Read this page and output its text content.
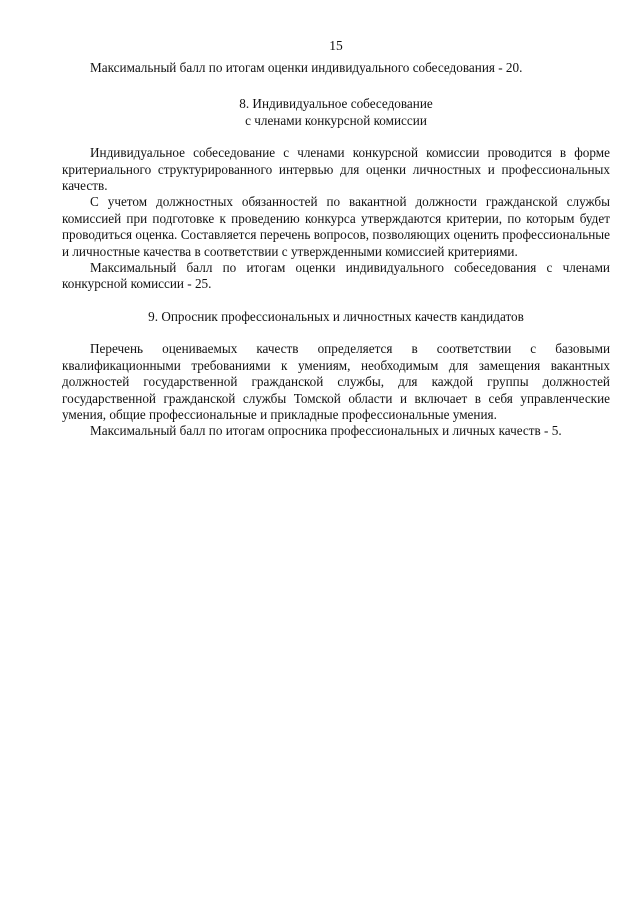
15

Максимальный балл по итогам оценки индивидуального собеседования - 20.

8. Индивидуальное собеседование

с членами конкурсной комиссии

Индивидуальное собеседование с членами конкурсной комиссии проводится в форме критериального структурированного интервью для оценки личностных и профессиональных качеств.

С учетом должностных обязанностей по вакантной должности гражданской службы комиссией при подготовке к проведению конкурса утверждаются критерии, по которым будет проводиться оценка. Составляется перечень вопросов, позволяющих оценить профессиональные и личностные качества в соответствии с утвержденными комиссией критериями.

Максимальный балл по итогам оценки индивидуального собеседования с членами конкурсной комиссии - 25.

9. Опросник профессиональных и личностных качеств кандидатов

Перечень оцениваемых качеств определяется в соответствии с базовыми квалификационными требованиями к умениям, необходимым для замещения вакантных должностей государственной гражданской службы, для каждой группы должностей государственной гражданской службы Томской области и включает в себя управленческие умения, общие профессиональные и прикладные профессиональные умения.

Максимальный балл по итогам опросника профессиональных и личных качеств - 5.
